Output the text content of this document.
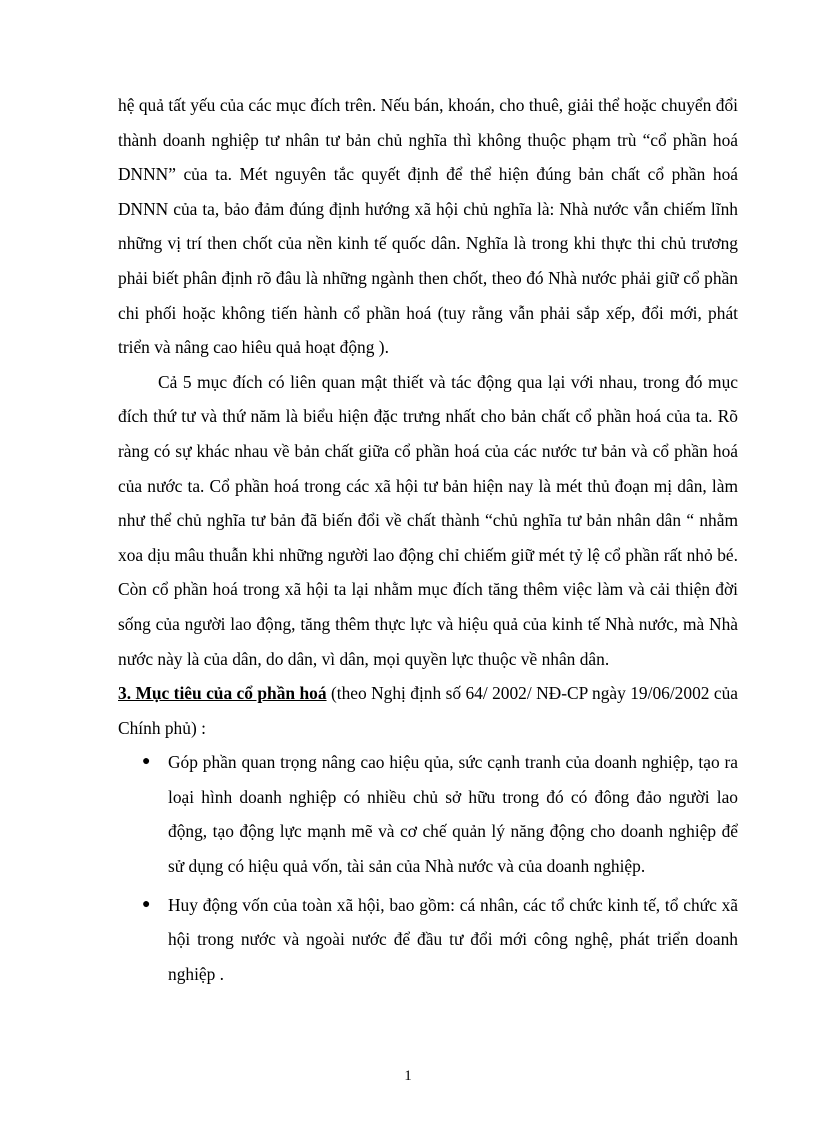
hệ quả tất yếu của các mục đích trên. Nếu bán, khoán, cho thuê, giải thể hoặc chuyển đổi thành doanh nghiệp tư nhân tư bản chủ nghĩa thì không thuộc phạm trù “cổ phần hoá DNNN” của ta. Mét nguyên tắc quyết định để thể hiện đúng bản chất cổ phần hoá DNNN của ta, bảo đảm đúng định hướng xã hội chủ nghĩa là: Nhà nước vẫn chiếm lĩnh những vị trí then chốt của nền kinh tế quốc dân. Nghĩa là trong khi thực thi chủ trương phải biết phân định rõ đâu là những ngành then chốt, theo đó Nhà nước phải giữ cổ phần chi phối hoặc không tiến hành cổ phần hoá (tuy rằng vẫn phải sắp xếp, đổi mới, phát triển và nâng cao hiêu quả hoạt động ).

Cả 5 mục đích có liên quan mật thiết và tác động qua lại với nhau, trong đó mục đích thứ tư và thứ năm là biểu hiện đặc trưng nhất cho bản chất cổ phần hoá của ta. Rõ ràng có sự khác nhau về bản chất giữa cổ phần hoá của các nước tư bản và cổ phần hoá của nước ta. Cổ phần hoá trong các xã hội tư bản hiện nay là mét thủ đoạn mị dân, làm như thể chủ nghĩa tư bản đã biến đổi về chất thành “chủ nghĩa tư bản nhân dân “ nhằm xoa dịu mâu thuẫn khi những người lao động chỉ chiếm giữ mét tỷ lệ cổ phần rất nhỏ bé. Còn cổ phần hoá trong xã hội ta lại nhằm mục đích tăng thêm việc làm và cải thiện đời sống của người lao động, tăng thêm thực lực và hiệu quả của kinh tế Nhà nước, mà Nhà nước này là của dân, do dân, vì dân, mọi quyền lực thuộc về nhân dân.

3. Mục tiêu của cổ phần hoá (theo Nghị định số 64/ 2002/ NĐ-CP ngày 19/06/2002 của Chính phủ) :

● Góp phần quan trọng nâng cao hiệu qủa, sức cạnh tranh của doanh nghiệp, tạo ra loại hình doanh nghiệp có nhiều chủ sở hữu trong đó có đông đảo người lao động, tạo động lực mạnh mẽ và cơ chế quản lý năng động cho doanh nghiệp để sử dụng có hiệu quả vốn, tài sản của Nhà nước và của doanh nghiệp.
● Huy động vốn của toàn xã hội, bao gồm: cá nhân, các tổ chức kinh tế, tổ chức xã hội trong nước và ngoài nước để đầu tư đổi mới công nghệ, phát triển doanh nghiệp .
1
